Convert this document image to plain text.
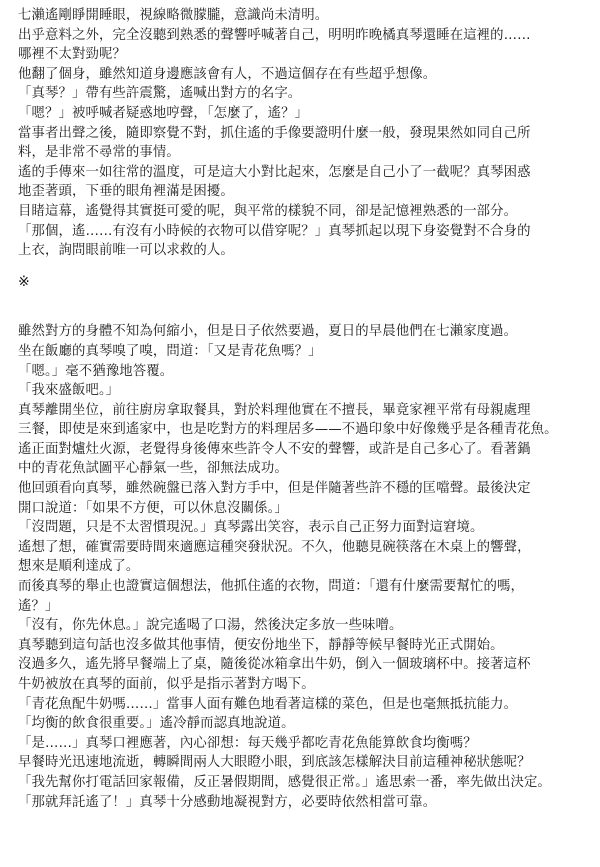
七瀨遙剛睜開睡眼，視線略微朦朧，意識尚未清明。
出乎意料之外，完全沒聽到熟悉的聲響呼喊著自己，明明昨晚橘真琴還睡在這裡的……
哪裡不太對勁呢？
他翻了個身，雖然知道身邊應該會有人，不過這個存在有些超乎想像。
「真琴？」帶有些許震驚，遙喊出對方的名字。
「嗯？」被呼喊者疑惑地哼聲，「怎麼了，遙？」
當事者出聲之後，隨即察覺不對，抓住遙的手像要證明什麼一般，發現果然如同自己所
料，是非常不尋常的事情。
遙的手傳來一如往常的溫度，可是這大小對比起來，怎麼是自己小了一截呢？真琴困惑
地歪著頭，下垂的眼角裡滿是困擾。
目睹這幕，遙覺得其實挺可愛的呢，與平常的樣貌不同，卻是記憶裡熟悉的一部分。
「那個，遙……有沒有小時候的衣物可以借穿呢？」真琴抓起以現下身姿覺對不合身的
上衣，詢問眼前唯一可以求救的人。
※
雖然對方的身體不知為何縮小，但是日子依然要過，夏日的早晨他們在七瀨家度過。
坐在飯廳的真琴嗅了嗅，問道：「又是青花魚嗎？」
「嗯。」毫不猶豫地答覆。
「我來盛飯吧。」
真琴離開坐位，前往廚房拿取餐具，對於料理他實在不擅長，畢竟家裡平常有母親處理
三餐，即使是來到遙家中，也是吃對方的料理居多——不過印象中好像幾乎是各種青花魚。
遙正面對爐灶火源，老覺得身後傳來些許令人不安的聲響，或許是自己多心了。看著鍋
中的青花魚試圖平心靜氣一些，卻無法成功。
他回頭看向真琴，雖然碗盤已落入對方手中，但是伴隨著些許不穩的匡噹聲。最後決定
開口說道：「如果不方便，可以休息沒關係。」
「沒問題，只是不太習慣現況。」真琴露出笑容，表示自己正努力面對這窘境。
遙想了想，確實需要時間來適應這種突發狀況。不久，他聽見碗筷落在木桌上的響聲，
想來是順利達成了。
而後真琴的舉止也證實這個想法，他抓住遙的衣物，問道：「還有什麼需要幫忙的嗎，
遙？」
「沒有，你先休息。」說完遙喝了口湯，然後決定多放一些味噌。
真琴聽到這句話也沒多做其他事情，便安份地坐下，靜靜等候早餐時光正式開始。
沒過多久，遙先將早餐端上了桌，隨後從冰箱拿出牛奶，倒入一個玻璃杯中。接著這杯
牛奶被放在真琴的面前，似乎是指示著對方喝下。
「青花魚配牛奶嗎……」當事人面有難色地看著這樣的菜色，但是也毫無抵抗能力。
「均衡的飲食很重要。」遙冷靜而認真地說道。
「是……」真琴口裡應著，內心卻想：每天幾乎都吃青花魚能算飲食均衡嗎？
早餐時光迅速地流逝，轉瞬間兩人大眼瞪小眼，到底該怎樣解決目前這種神秘狀態呢？
「我先幫你打電話回家報備，反正暑假期間，感覺很正常。」遙思索一番，率先做出決定。
「那就拜託遙了！」真琴十分感動地凝視對方，必要時依然相當可靠。
